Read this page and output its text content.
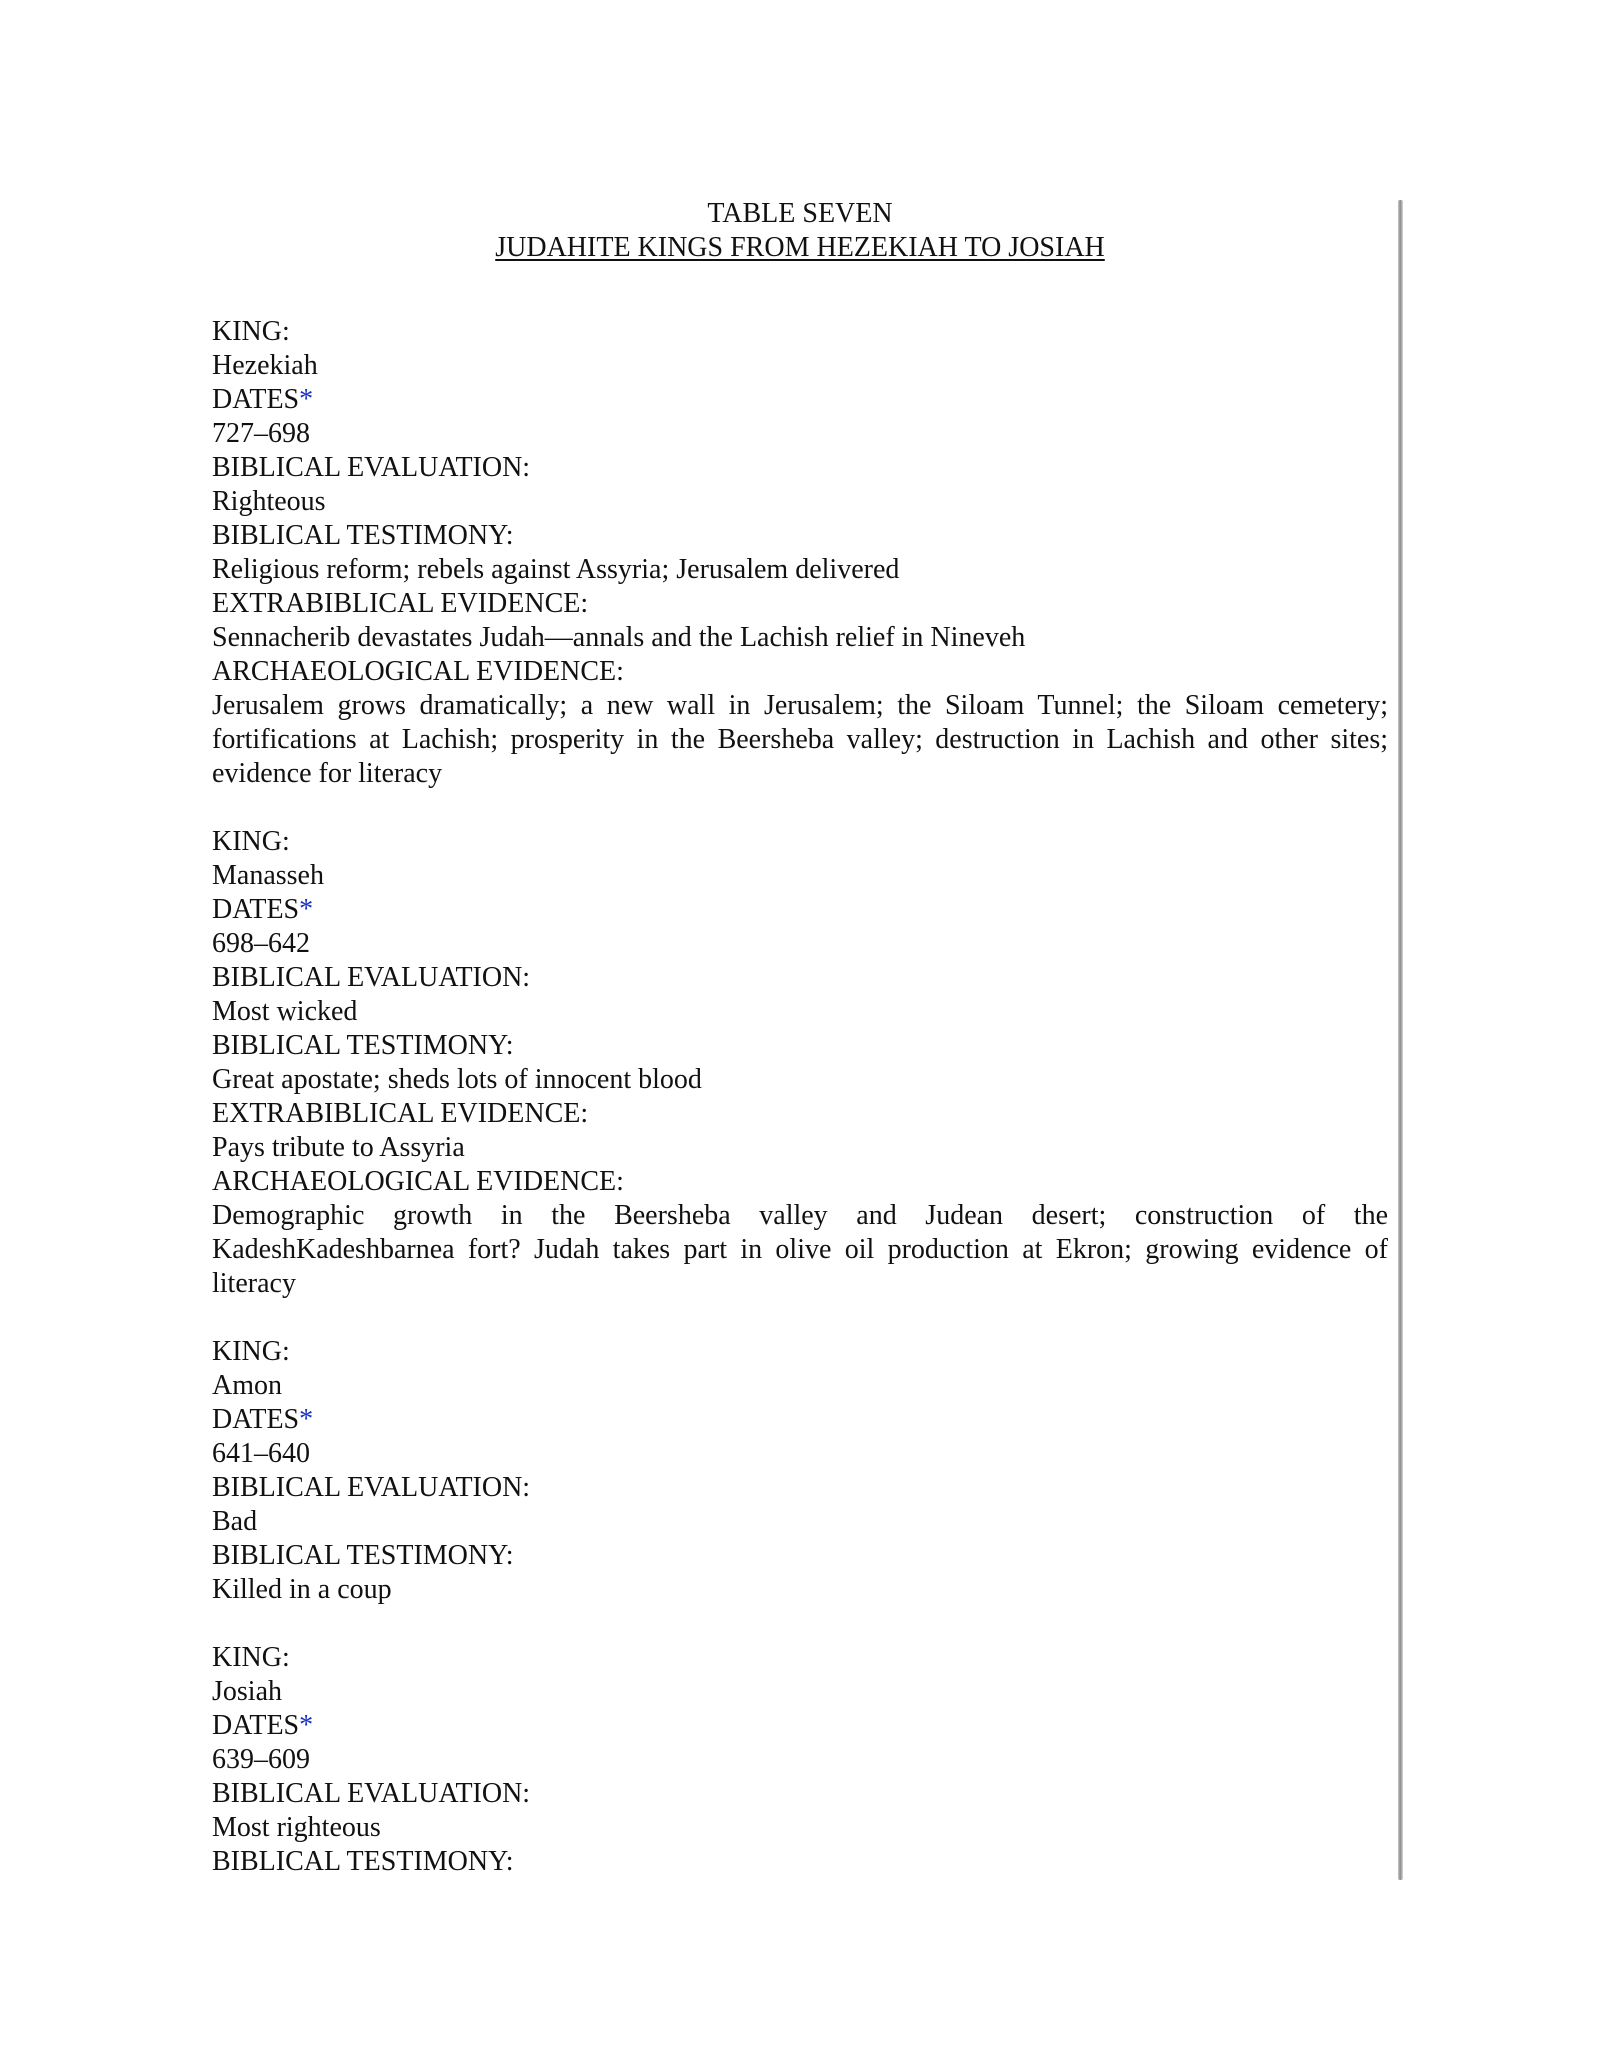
TABLE SEVEN
JUDAHITE KINGS FROM HEZEKIAH TO JOSIAH
KING:
Hezekiah
DATES*
727–698
BIBLICAL EVALUATION:
Righteous
BIBLICAL TESTIMONY:
Religious reform; rebels against Assyria; Jerusalem delivered
EXTRABIBLICAL EVIDENCE:
Sennacherib devastates Judah—annals and the Lachish relief in Nineveh
ARCHAEOLOGICAL EVIDENCE:
Jerusalem grows dramatically; a new wall in Jerusalem; the Siloam Tunnel; the Siloam cemetery; fortifications at Lachish; prosperity in the Beersheba valley; destruction in Lachish and other sites; evidence for literacy
KING:
Manasseh
DATES*
698–642
BIBLICAL EVALUATION:
Most wicked
BIBLICAL TESTIMONY:
Great apostate; sheds lots of innocent blood
EXTRABIBLICAL EVIDENCE:
Pays tribute to Assyria
ARCHAEOLOGICAL EVIDENCE:
Demographic growth in the Beersheba valley and Judean desert; construction of the KadeshKadeshbarnea fort? Judah takes part in olive oil production at Ekron; growing evidence of literacy
KING:
Amon
DATES*
641–640
BIBLICAL EVALUATION:
Bad
BIBLICAL TESTIMONY:
Killed in a coup
KING:
Josiah
DATES*
639–609
BIBLICAL EVALUATION:
Most righteous
BIBLICAL TESTIMONY:
